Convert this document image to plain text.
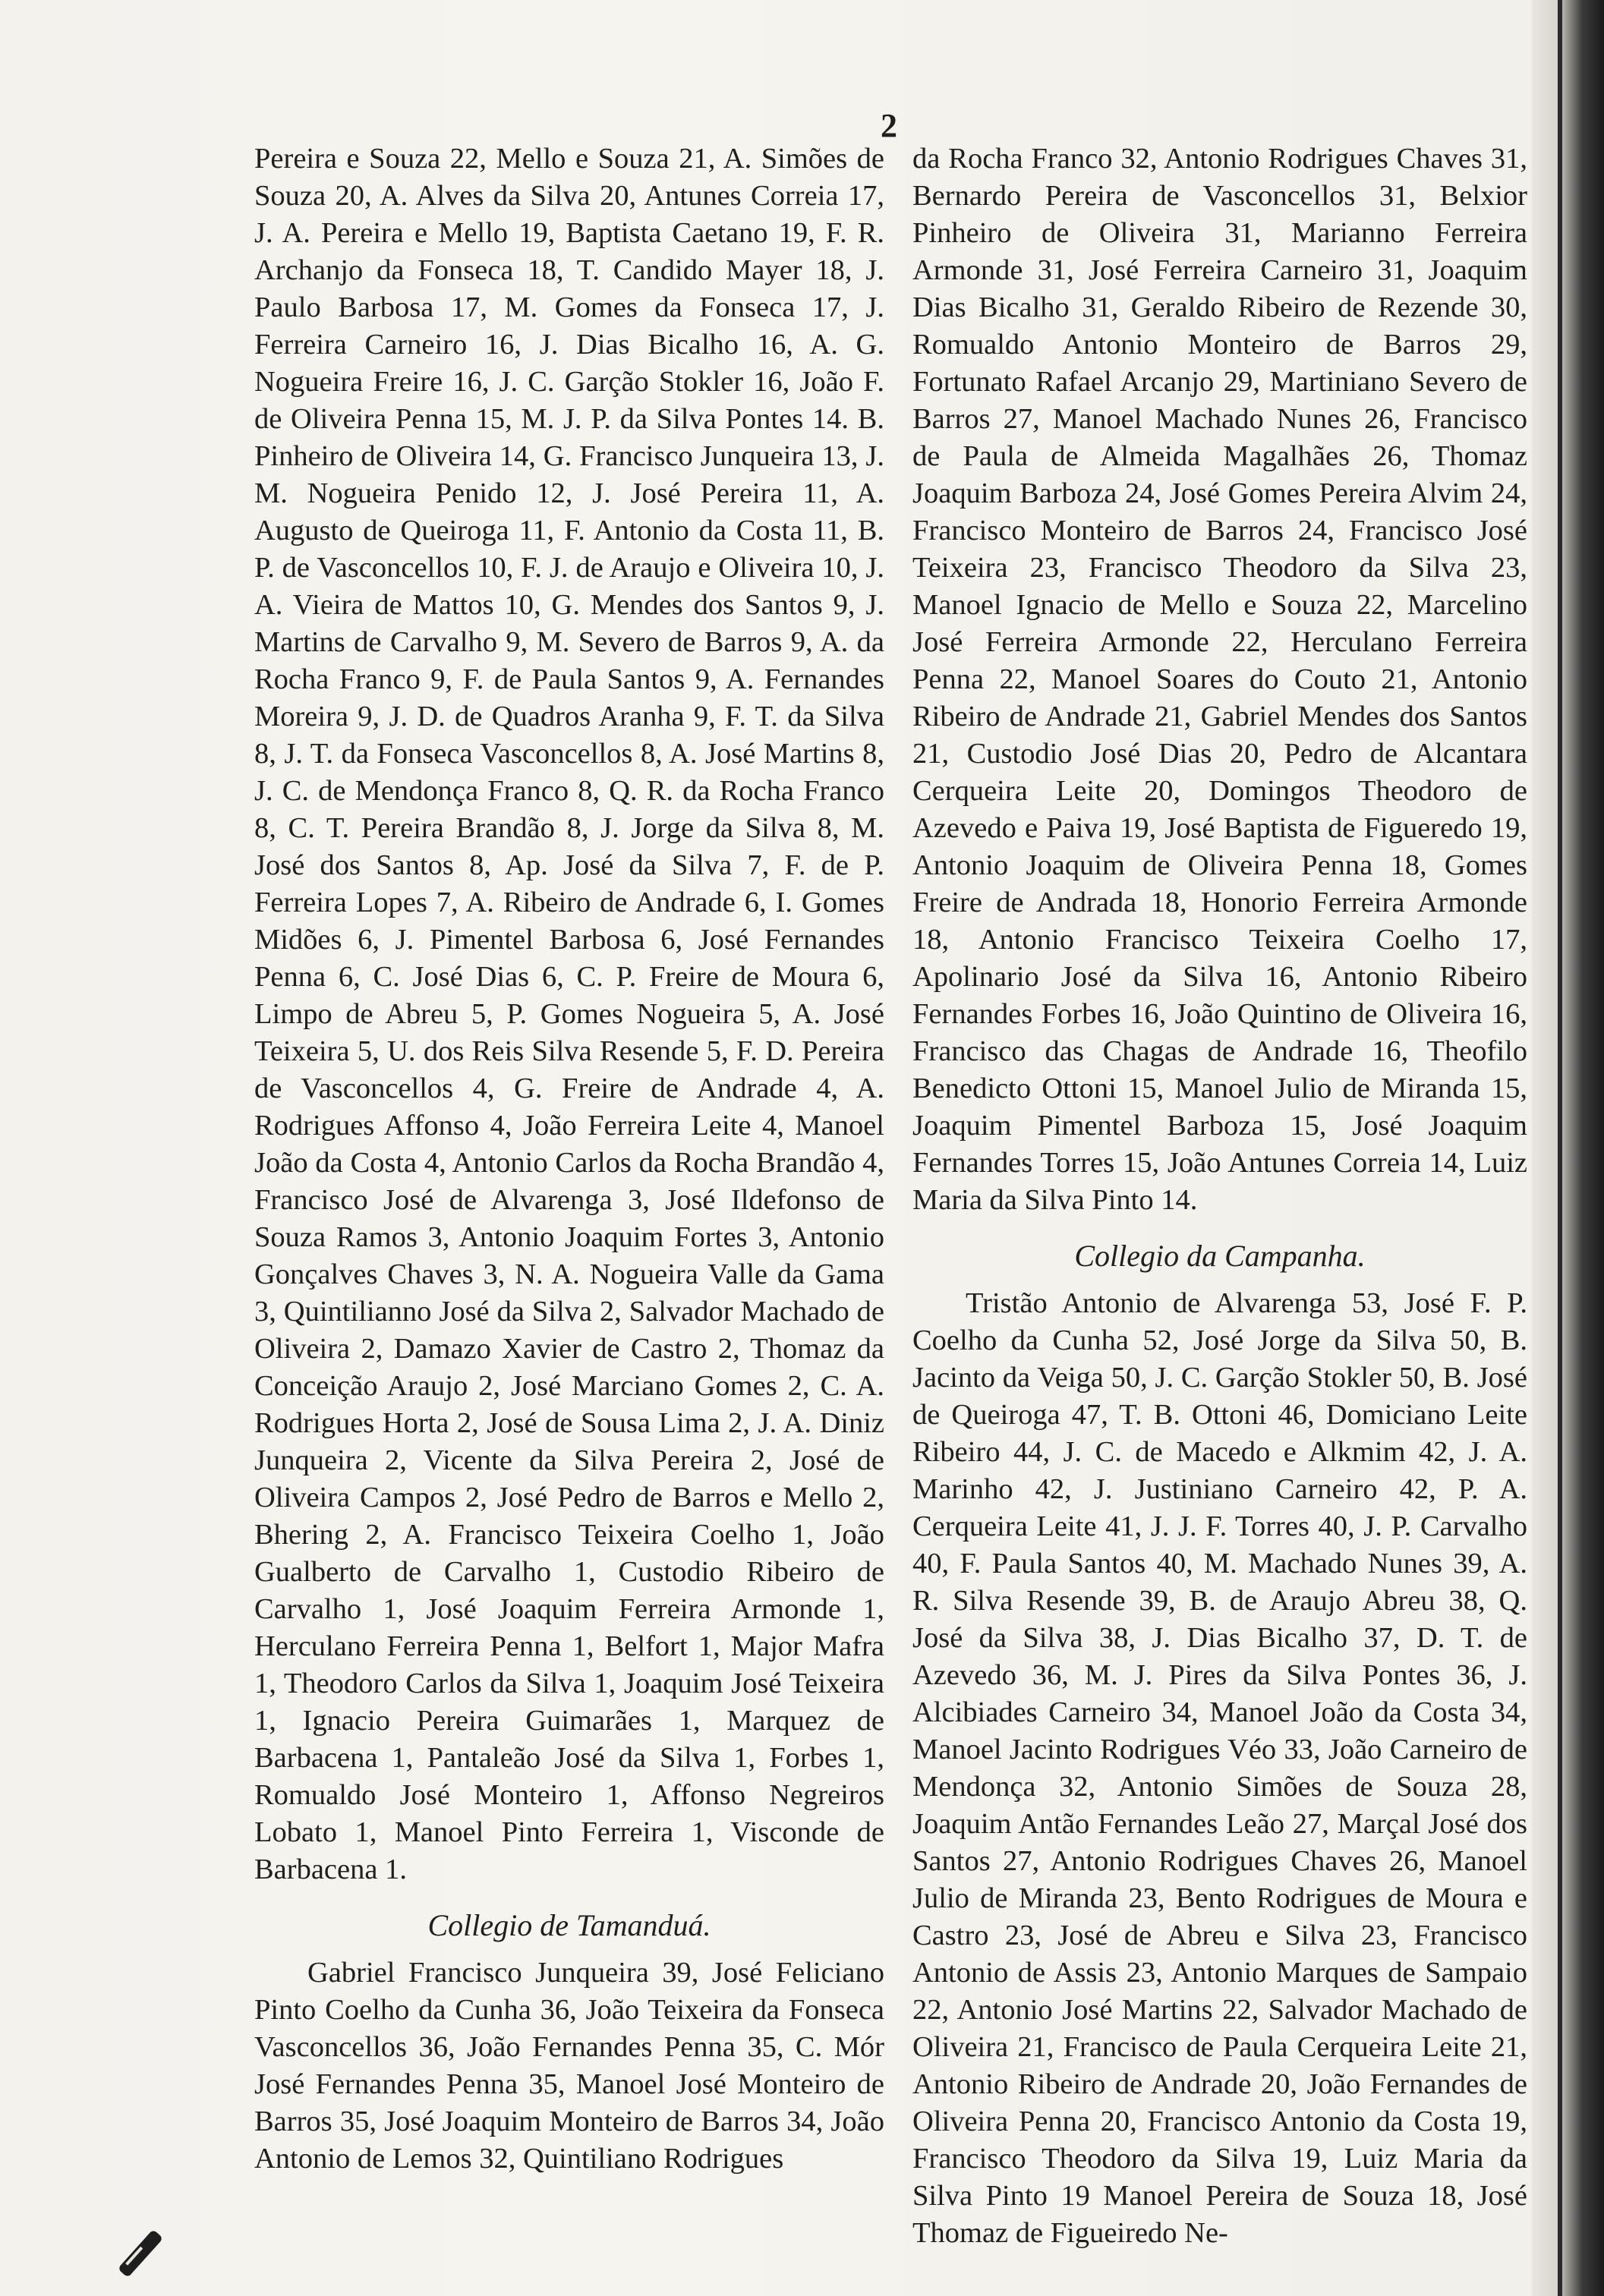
2

Pereira e Souza 22, Mello e Souza 21, A. Simões de Souza 20, A. Alves da Silva 20, Antunes Correia 17, J. A. Pereira e Mello 19, Baptista Caetano 19, F. R. Archanjo da Fonseca 18, T. Candido Mayer 18, J. Paulo Barbosa 17, M. Gomes da Fonseca 17, J. Ferreira Carneiro 16, J. Dias Bicalho 16, A. G. Nogueira Freire 16, J. C. Garção Stokler 16, João F. de Oliveira Penna 15, M. J. P. da Silva Pontes 14. B. Pinheiro de Oliveira 14, G. Francisco Junqueira 13, J. M. Nogueira Penido 12, J. José Pereira 11, A. Augusto de Queiroga 11, F. Antonio da Costa 11, B. P. de Vasconcellos 10, F. J. de Araujo e Oliveira 10, J. A. Vieira de Mattos 10, G. Mendes dos Santos 9, J. Martins de Carvalho 9, M. Severo de Barros 9, A. da Rocha Franco 9, F. de Paula Santos 9, A. Fernandes Moreira 9, J. D. de Quadros Aranha 9, F. T. da Silva 8, J. T. da Fonseca Vasconcellos 8, A. José Martins 8, J. C. de Mendonça Franco 8, Q. R. da Rocha Franco 8, C. T. Pereira Brandão 8, J. Jorge da Silva 8, M. José dos Santos 8, Ap. José da Silva 7, F. de P. Ferreira Lopes 7, A. Ribeiro de Andrade 6, I. Gomes Midões 6, J. Pimentel Barbosa 6, José Fernandes Penna 6, C. José Dias 6, C. P. Freire de Moura 6, Limpo de Abreu 5, P. Gomes Nogueira 5, A. José Teixeira 5, U. dos Reis Silva Resende 5, F. D. Pereira de Vasconcellos 4, G. Freire de Andrade 4, A. Rodrigues Affonso 4, João Ferreira Leite 4, Manoel João da Costa 4, Antonio Carlos da Rocha Brandão 4, Francisco José de Alvarenga 3, José Ildefonso de Souza Ramos 3, Antonio Joaquim Fortes 3, Antonio Gonçalves Chaves 3, N. A. Nogueira Valle da Gama 3, Quintilianno José da Silva 2, Salvador Machado de Oliveira 2, Damazo Xavier de Castro 2, Thomaz da Conceição Araujo 2, José Marciano Gomes 2, C. A. Rodrigues Horta 2, José de Sousa Lima 2, J. A. Diniz Junqueira 2, Vicente da Silva Pereira 2, José de Oliveira Campos 2, José Pedro de Barros e Mello 2, Bhering 2, A. Francisco Teixeira Coelho 1, João Gualberto de Carvalho 1, Custodio Ribeiro de Carvalho 1, José Joaquim Ferreira Armonde 1, Herculano Ferreira Penna 1, Belfort 1, Major Mafra 1, Theodoro Carlos da Silva 1, Joaquim José Teixeira 1, Ignacio Pereira Guimarães 1, Marquez de Barbacena 1, Pantaleão José da Silva 1, Forbes 1, Romualdo José Monteiro 1, Affonso Negreiros Lobato 1, Manoel Pinto Ferreira 1, Visconde de Barbacena 1.

Collegio de Tamanduá.

Gabriel Francisco Junqueira 39, José Feliciano Pinto Coelho da Cunha 36, João Teixeira da Fonseca Vasconcellos 36, João Fernandes Penna 35, C. Mór José Fernandes Penna 35, Manoel José Monteiro de Barros 35, José Joaquim Monteiro de Barros 34, João Antonio de Lemos 32, Quintiliano Rodrigues

da Rocha Franco 32, Antonio Rodrigues Chaves 31, Bernardo Pereira de Vasconcellos 31, Belxior Pinheiro de Oliveira 31, Marianno Ferreira Armonde 31, José Ferreira Carneiro 31, Joaquim Dias Bicalho 31, Geraldo Ribeiro de Rezende 30, Romualdo Antonio Monteiro de Barros 29, Fortunato Rafael Arcanjo 29, Martiniano Severo de Barros 27, Manoel Machado Nunes 26, Francisco de Paula de Almeida Magalhães 26, Thomaz Joaquim Barboza 24, José Gomes Pereira Alvim 24, Francisco Monteiro de Barros 24, Francisco José Teixeira 23, Francisco Theodoro da Silva 23, Manoel Ignacio de Mello e Souza 22, Marcelino José Ferreira Armonde 22, Herculano Ferreira Penna 22, Manoel Soares do Couto 21, Antonio Ribeiro de Andrade 21, Gabriel Mendes dos Santos 21, Custodio José Dias 20, Pedro de Alcantara Cerqueira Leite 20, Domingos Theodoro de Azevedo e Paiva 19, José Baptista de Figueredo 19, Antonio Joaquim de Oliveira Penna 18, Gomes Freire de Andrada 18, Honorio Ferreira Armonde 18, Antonio Francisco Teixeira Coelho 17, Apolinario José da Silva 16, Antonio Ribeiro Fernandes Forbes 16, João Quintino de Oliveira 16, Francisco das Chagas de Andrade 16, Theofilo Benedicto Ottoni 15, Manoel Julio de Miranda 15, Joaquim Pimentel Barboza 15, José Joaquim Fernandes Torres 15, João Antunes Correia 14, Luiz Maria da Silva Pinto 14.

Collegio da Campanha.

Tristão Antonio de Alvarenga 53, José F. P. Coelho da Cunha 52, José Jorge da Silva 50, B. Jacinto da Veiga 50, J. C. Garção Stokler 50, B. José de Queiroga 47, T. B. Ottoni 46, Domiciano Leite Ribeiro 44, J. C. de Macedo e Alkmim 42, J. A. Marinho 42, J. Justiniano Carneiro 42, P. A. Cerqueira Leite 41, J. J. F. Torres 40, J. P. Carvalho 40, F. Paula Santos 40, M. Machado Nunes 39, A. R. Silva Resende 39, B. de Araujo Abreu 38, Q. José da Silva 38, J. Dias Bicalho 37, D. T. de Azevedo 36, M. J. Pires da Silva Pontes 36, J. Alcibiades Carneiro 34, Manoel João da Costa 34, Manoel Jacinto Rodrigues Véo 33, João Carneiro de Mendonça 32, Antonio Simões de Souza 28, Joaquim Antão Fernandes Leão 27, Marçal José dos Santos 27, Antonio Rodrigues Chaves 26, Manoel Julio de Miranda 23, Bento Rodrigues de Moura e Castro 23, José de Abreu e Silva 23, Francisco Antonio de Assis 23, Antonio Marques de Sampaio 22, Antonio José Martins 22, Salvador Machado de Oliveira 21, Francisco de Paula Cerqueira Leite 21, Antonio Ribeiro de Andrade 20, João Fernandes de Oliveira Penna 20, Francisco Antonio da Costa 19, Francisco Theodoro da Silva 19, Luiz Maria da Silva Pinto 19 Manoel Pereira de Souza 18, José Thomaz de Figueiredo Ne-
